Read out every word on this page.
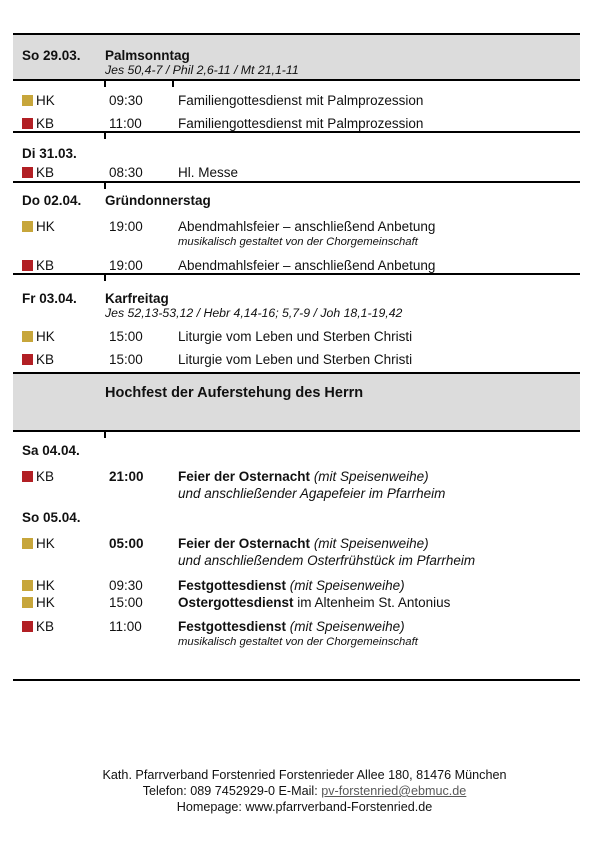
So 29.03. Palmsonntag
Jes 50,4-7 / Phil 2,6-11 / Mt 21,1-11
HK	09:30	Familiengottesdienst mit Palmprozession
KB	11:00	Familiengottesdienst mit Palmprozession
Di 31.03.
KB	08:30	Hl. Messe
Do 02.04. Gründonnerstag
HK	19:00	Abendmahlsfeier – anschließend Anbetung
musikalisch gestaltet von der Chorgemeinschaft
KB	19:00	Abendmahlsfeier – anschließend Anbetung
Fr 03.04. Karfreitag
Jes 52,13-53,12 / Hebr 4,14-16; 5,7-9 / Joh 18,1-19,42
HK	15:00	Liturgie vom Leben und Sterben Christi
KB	15:00	Liturgie vom Leben und Sterben Christi
Hochfest der Auferstehung des Herrn
Sa 04.04.
KB	21:00	Feier der Osternacht (mit Speisenweihe)
und anschließender Agapefeier im Pfarrheim
So 05.04.
HK	05:00	Feier der Osternacht (mit Speisenweihe)
und anschließendem Osterfrühstück im Pfarrheim
HK	09:30	Festgottesdienst (mit Speisenweihe)
HK	15:00	Ostergottesdienst im Altenheim St. Antonius
KB	11:00	Festgottesdienst (mit Speisenweihe)
musikalisch gestaltet von der Chorgemeinschaft
Kath. Pfarrverband Forstenried Forstenrieder Allee 180, 81476 München
Telefon: 089 7452929-0 E-Mail: pv-forstenried@ebmuc.de
Homepage: www.pfarrverband-Forstenried.de
